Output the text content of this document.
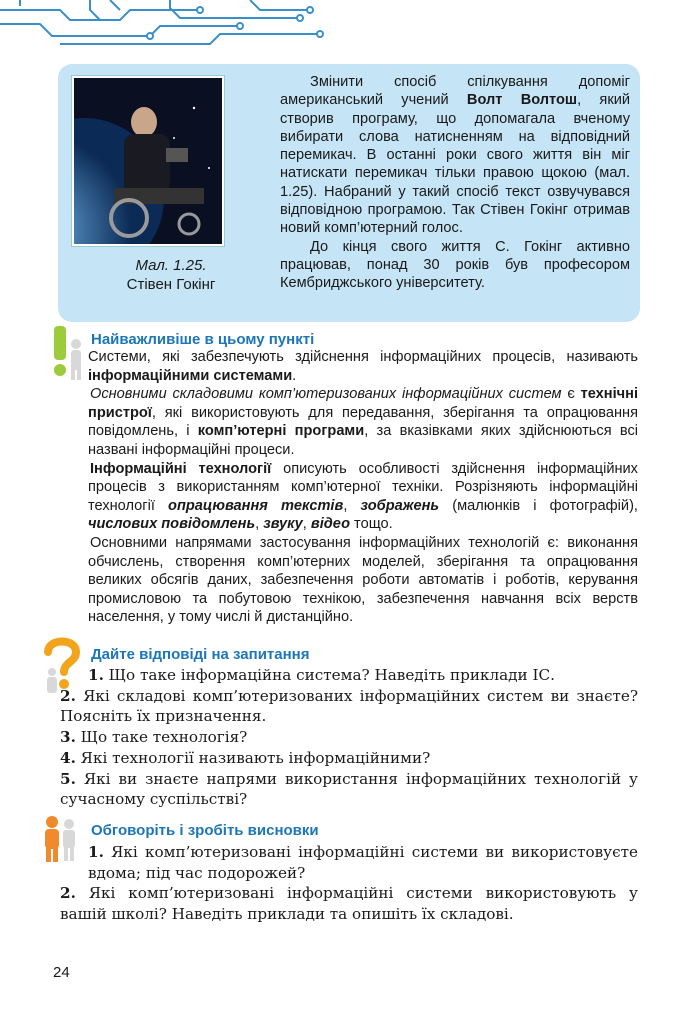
Мал. 1.25.
Стівен Гокінг

Змінити спосіб спілкування допоміг американський учений Волт Волтош, який створив програму, що допомагала вченому вибирати слова натисненням на відповідний перемикач. В останні роки свого життя він міг натискати перемикач тільки правою щокою (мал. 1.25). Набраний у такий спосіб текст озвучувався відповідною програмою. Так Стівен Гокінг отримав новий комп’ютерний голос.

До кінця свого життя С. Гокінг активно працював, понад 30 років був професором Кембриджського університету.

Найважливіше в цьому пункті

Системи, які забезпечують здійснення інформаційних процесів, називають інформаційними системами.

Основними складовими комп’ютеризованих інформаційних систем є технічні пристрої, які використовують для передавання, зберігання та опрацювання повідомлень, і комп’ютерні програми, за вказівками яких здійснюються всі названі інформаційні процеси.

Інформаційні технології описують особливості здійснення інформаційних процесів з використанням комп’ютерної техніки. Розрізняють інформаційні технології опрацювання текстів, зображень (малюнків і фотографій), числових повідомлень, звуку, відео тощо.

Основними напрямами застосування інформаційних технологій є: виконання обчислень, створення комп’ютерних моделей, зберігання та опрацювання великих обсягів даних, забезпечення роботи автоматів і роботів, керування промисловою та побутовою технікою, забезпечення навчання всіх верств населення, у тому числі й дистанційно.

Дайте відповіді на запитання

1. Що таке інформаційна система? Наведіть приклади ІС.

2. Які складові комп’ютеризованих інформаційних систем ви знаєте? Поясніть їх призначення.

3. Що таке технологія?

4. Які технології називають інформаційними?

5. Які ви знаєте напрями використання інформаційних технологій у сучасному суспільстві?

Обговоріть і зробіть висновки

1. Які комп’ютеризовані інформаційні системи ви використовуєте вдома; під час подорожей?

2. Які комп’ютеризовані інформаційні системи використовують у вашій школі? Наведіть приклади та опишіть їх складові.

24
